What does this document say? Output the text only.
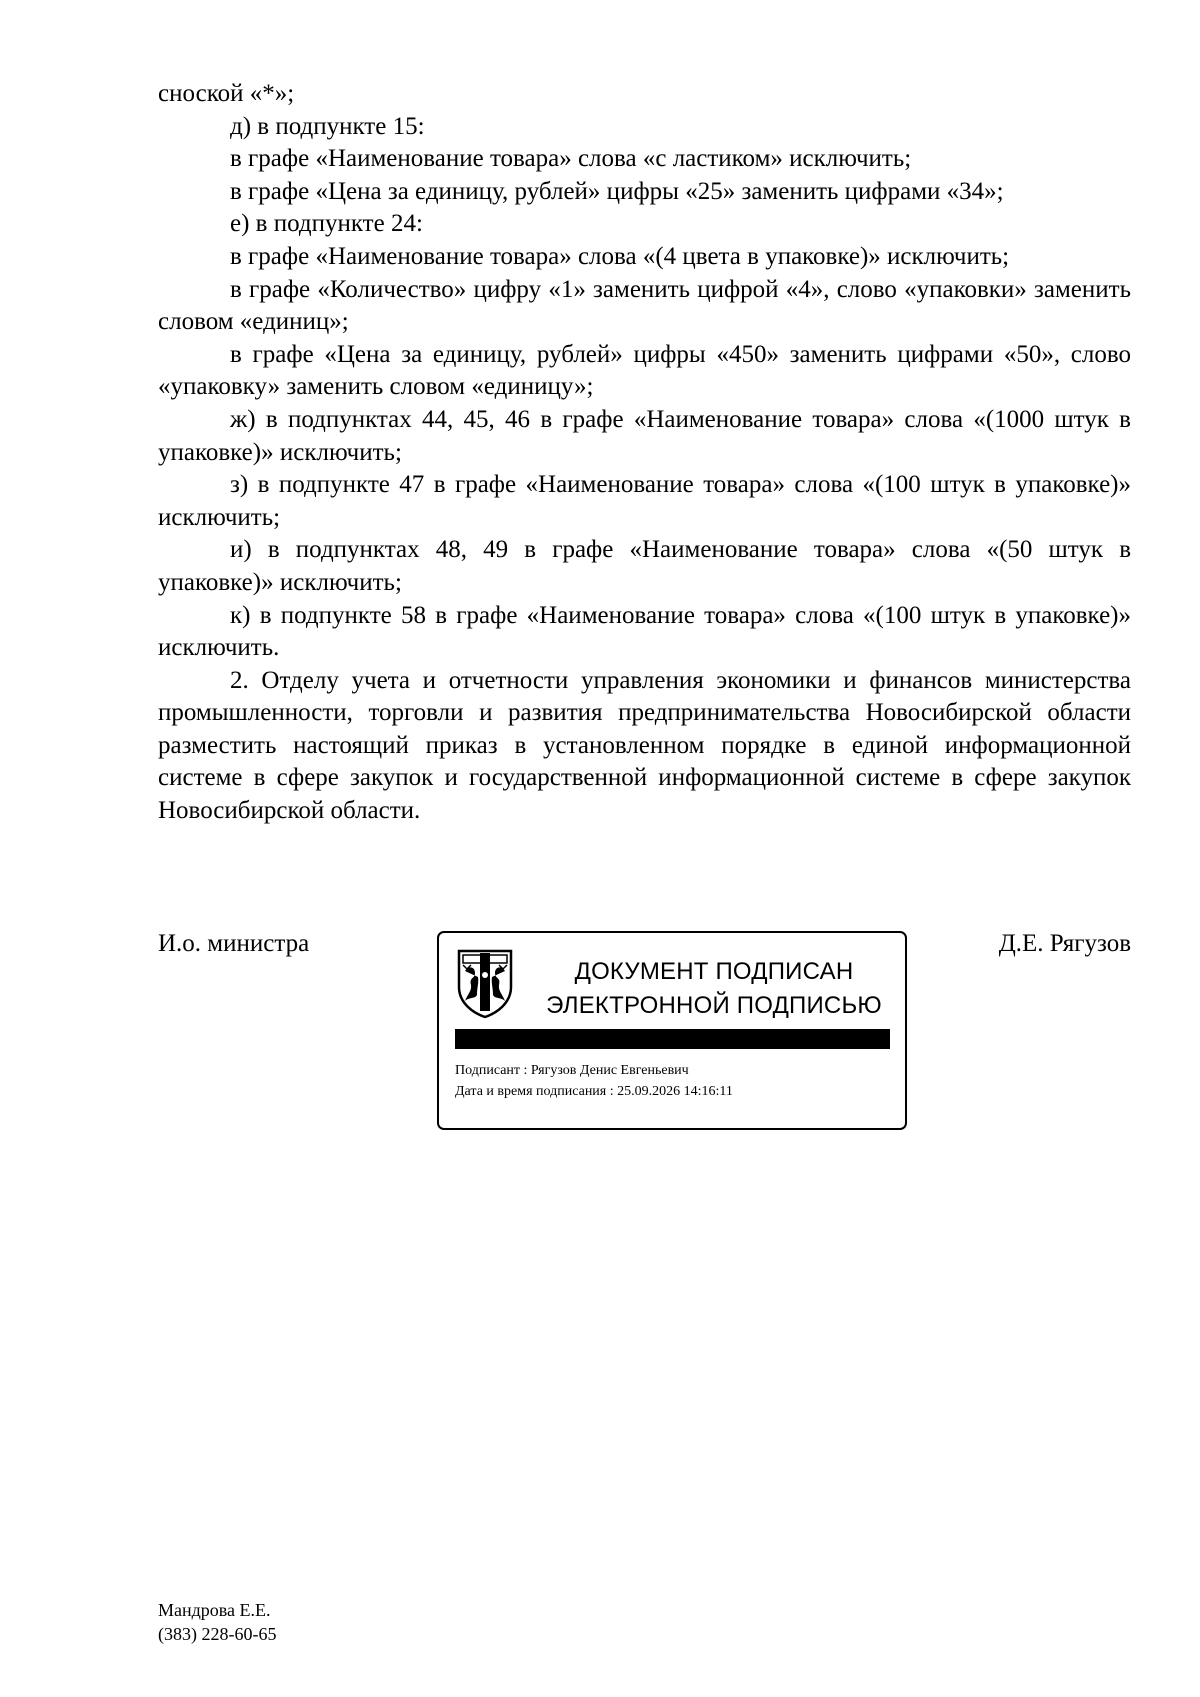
сноской «*»;

д) в подпункте 15:

в графе «Наименование товара» слова «с ластиком» исключить;

в графе «Цена за единицу, рублей» цифры «25» заменить цифрами «34»;

е) в подпункте 24:

в графе «Наименование товара» слова «(4 цвета в упаковке)» исключить;

в графе «Количество» цифру «1» заменить цифрой «4», слово «упаковки» заменить словом «единиц»;

в графе «Цена за единицу, рублей» цифры «450» заменить цифрами «50», слово «упаковку» заменить словом «единицу»;

ж) в подпунктах 44, 45, 46 в графе «Наименование товара» слова «(1000 штук в упаковке)» исключить;

з) в подпункте 47 в графе «Наименование товара» слова «(100 штук в упаковке)» исключить;

и) в подпунктах 48, 49 в графе «Наименование товара» слова «(50 штук в упаковке)» исключить;

к) в подпункте 58 в графе «Наименование товара» слова «(100 штук в упаковке)» исключить.

2. Отделу учета и отчетности управления экономики и финансов министерства промышленности, торговли и развития предпринимательства Новосибирской области разместить настоящий приказ в установленном порядке в единой информационной системе в сфере закупок и государственной информационной системе в сфере закупок Новосибирской области.

И.о. министра
ДОКУМЕНТ ПОДПИСАН
ЭЛЕКТРОННОЙ ПОДПИСЬЮ
Подписант : Рягузов Денис Евгеньевич
Дата и время подписания : 25.09.2026 14:16:11
Д.Е. Рягузов
Мандрова Е.Е.
(383) 228-60-65
